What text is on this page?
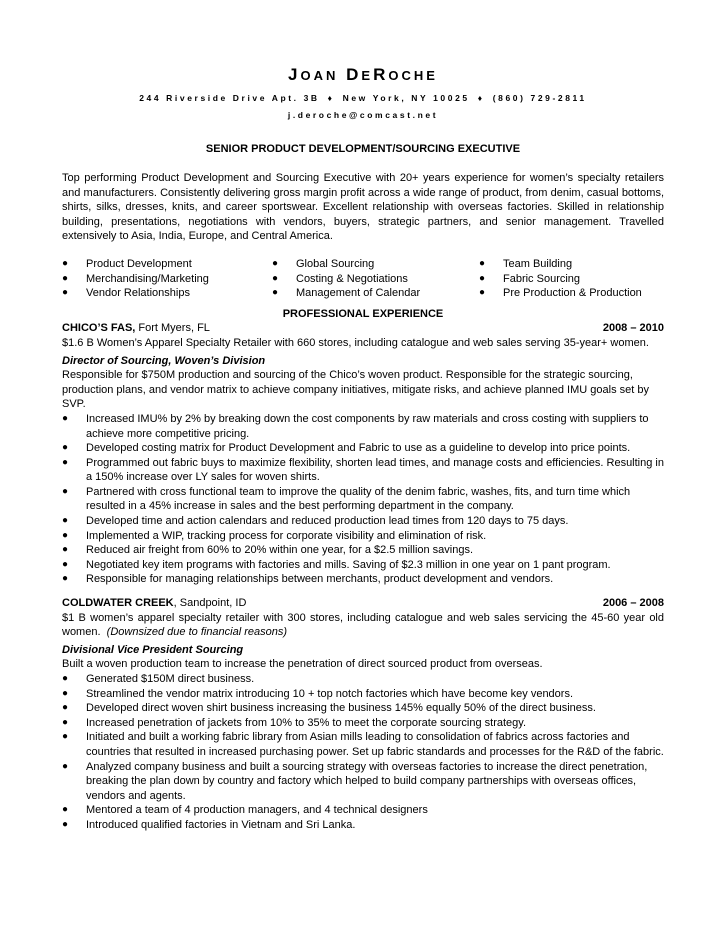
JOAN DEROCHE
244 Riverside Drive Apt. 3B ♦ New York, NY 10025 ♦ (860) 729-2811
j.deroche@comcast.net
SENIOR PRODUCT DEVELOPMENT/SOURCING EXECUTIVE
Top performing Product Development and Sourcing Executive with 20+ years experience for women’s specialty retailers and manufacturers. Consistently delivering gross margin profit across a wide range of product, from denim, casual bottoms, shirts, silks, dresses, knits, and career sportswear. Excellent relationship with overseas factories. Skilled in relationship building, presentations, negotiations with vendors, buyers, strategic partners, and senior management. Travelled extensively to Asia, India, Europe, and Central America.
● Product Development
● Merchandising/Marketing
● Vendor Relationships
● Global Sourcing
● Costing & Negotiations
● Management of Calendar
● Team Building
● Fabric Sourcing
● Pre Production & Production
PROFESSIONAL EXPERIENCE
CHICO’S FAS, Fort Myers, FL	2008 – 2010
$1.6 B Women’s Apparel Specialty Retailer with 660 stores, including catalogue and web sales serving 35-year+ women.
Director of Sourcing, Woven’s Division
Responsible for $750M production and sourcing of the Chico’s woven product. Responsible for the strategic sourcing, production plans, and vendor matrix to achieve company initiatives, mitigate risks, and achieve planned IMU goals set by SVP.
● Increased IMU% by 2% by breaking down the cost components by raw materials and cross costing with suppliers to achieve more competitive pricing.
● Developed costing matrix for Product Development and Fabric to use as a guideline to develop into price points.
● Programmed out fabric buys to maximize flexibility, shorten lead times, and manage costs and efficiencies. Resulting in a 150% increase over LY sales for woven shirts.
● Partnered with cross functional team to improve the quality of the denim fabric, washes, fits, and turn time which resulted in a 45% increase in sales and the best performing department in the company.
● Developed time and action calendars and reduced production lead times from 120 days to 75 days.
● Implemented a WIP, tracking process for corporate visibility and elimination of risk.
● Reduced air freight from 60% to 20% within one year, for a $2.5 million savings.
● Negotiated key item programs with factories and mills. Saving of $2.3 million in one year on 1 pant program.
● Responsible for managing relationships between merchants, product development and vendors.
COLDWATER CREEK, Sandpoint, ID	2006 – 2008
$1 B women’s apparel specialty retailer with 300 stores, including catalogue and web sales servicing the 45-60 year old women. (Downsized due to financial reasons)
Divisional Vice President Sourcing
Built a woven production team to increase the penetration of direct sourced product from overseas.
● Generated $150M direct business.
● Streamlined the vendor matrix introducing 10 + top notch factories which have become key vendors.
● Developed direct woven shirt business increasing the business 145% equally 50% of the direct business.
● Increased penetration of jackets from 10% to 35% to meet the corporate sourcing strategy.
● Initiated and built a working fabric library from Asian mills leading to consolidation of fabrics across factories and countries that resulted in increased purchasing power. Set up fabric standards and processes for the R&D of the fabric.
● Analyzed company business and built a sourcing strategy with overseas factories to increase the direct penetration, breaking the plan down by country and factory which helped to build company partnerships with overseas offices, vendors and agents.
● Mentored a team of 4 production managers, and 4 technical designers
● Introduced qualified factories in Vietnam and Sri Lanka.
